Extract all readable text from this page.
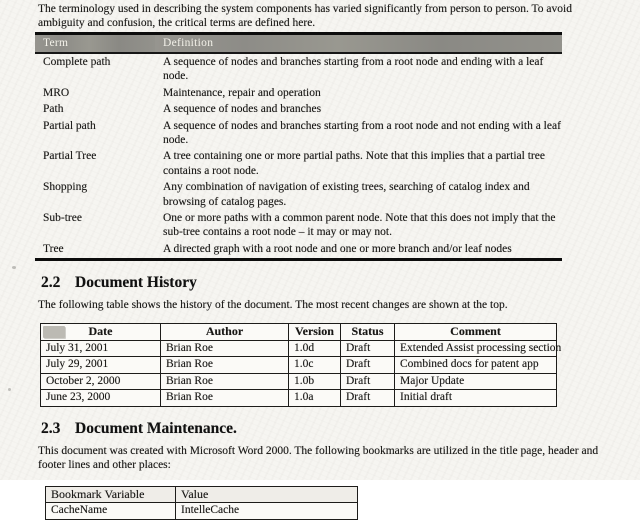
The terminology used in describing the system components has varied significantly from person to person. To avoid ambiguity and confusion, the critical terms are defined here.

Term	Definition
Complete path	A sequence of nodes and branches starting from a root node and ending with a leaf node.
MRO	Maintenance, repair and operation
Path	A sequence of nodes and branches
Partial path	A sequence of nodes and branches starting from a root node and not ending with a leaf node.
Partial Tree	A tree containing one or more partial paths. Note that this implies that a partial tree contains a root node.
Shopping	Any combination of navigation of existing trees, searching of catalog index and browsing of catalog pages.
Sub-tree	One or more paths with a common parent node. Note that this does not imply that the sub-tree contains a root node – it may or may not.
Tree	A directed graph with a root node and one or more branch and/or leaf nodes
2.2 Document History

The following table shows the history of the document. The most recent changes are shown at the top.

Date	Author	Version	Status	Comment
July 31, 2001	Brian Roe	1.0d	Draft	Extended Assist processing section
July 29, 2001	Brian Roe	1.0c	Draft	Combined docs for patent app
October 2, 2000	Brian Roe	1.0b	Draft	Major Update
June 23, 2000	Brian Roe	1.0a	Draft	Initial draft
2.3 Document Maintenance.

This document was created with Microsoft Word 2000. The following bookmarks are utilized in the title page, header and footer lines and other places:

Bookmark Variable	Value
CacheName	IntelleCache
